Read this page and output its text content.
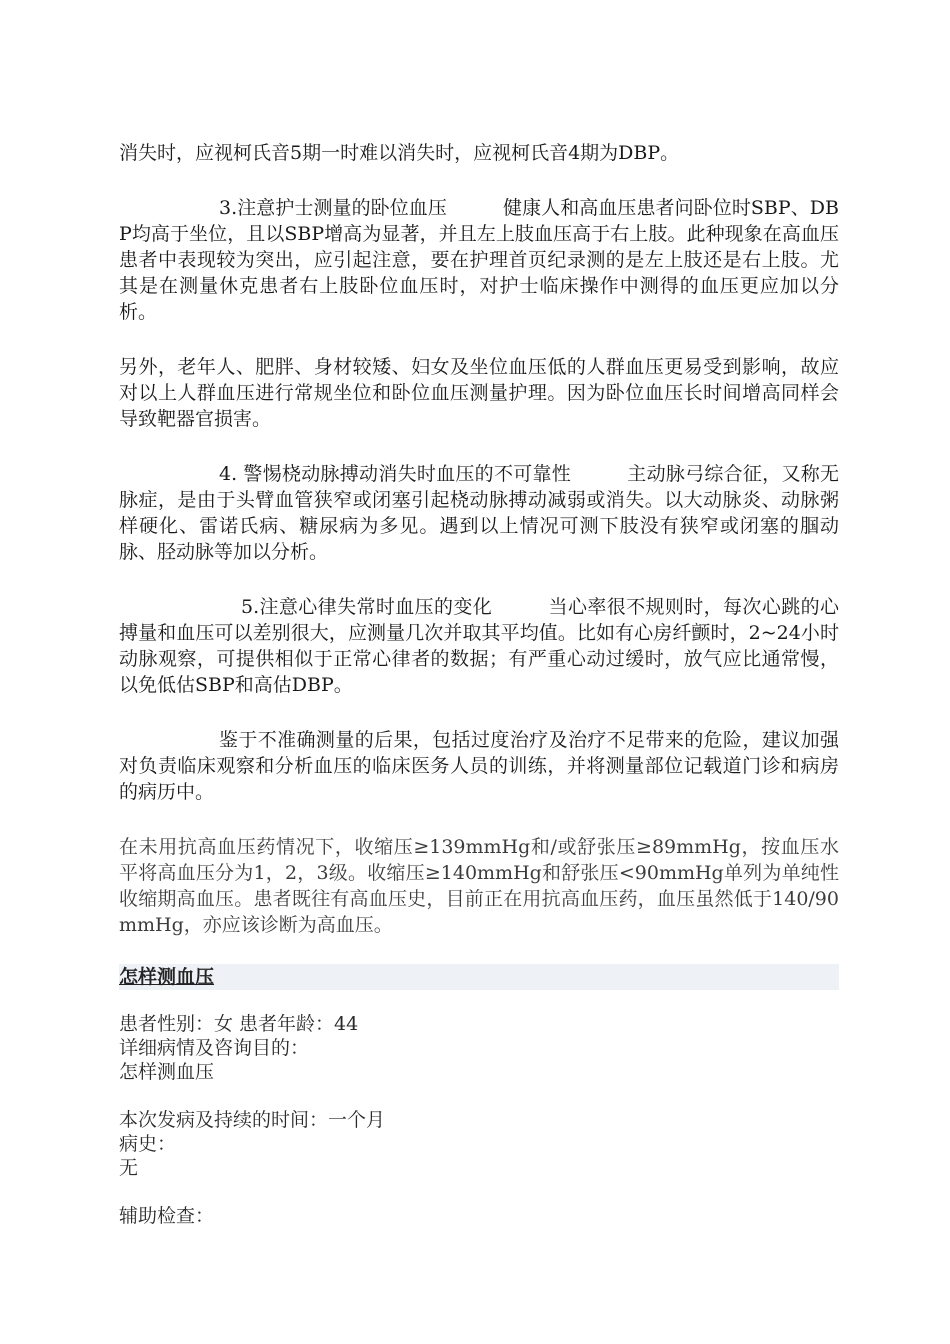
消失时，应视柯氏音5期一时难以消失时，应视柯氏音4期为DBP。

3.注意护士测量的卧位血压	健康人和高血压患者问卧位时SBP、DBP均高于坐位，且以SBP增高为显著，并且左上肢血压高于右上肢。此种现象在高血压患者中表现较为突出，应引起注意，要在护理首页纪录测的是左上肢还是右上肢。尤其是在测量休克患者右上肢卧位血压时，对护士临床操作中测得的血压更应加以分析。

另外，老年人、肥胖、身材较矮、妇女及坐位血压低的人群血压更易受到影响，故应对以上人群血压进行常规坐位和卧位血压测量护理。因为卧位血压长时间增高同样会导致靶器官损害。

4. 警惕桡动脉搏动消失时血压的不可靠性	主动脉弓综合征，又称无脉症，是由于头臂血管狭窄或闭塞引起桡动脉搏动减弱或消失。以大动脉炎、动脉粥样硬化、雷诺氏病、糖尿病为多见。遇到以上情况可测下肢没有狭窄或闭塞的腘动脉、胫动脉等加以分析。

5.注意心律失常时血压的变化	当心率很不规则时，每次心跳的心搏量和血压可以差别很大，应测量几次并取其平均值。比如有心房纤颤时，2~24小时动脉观察，可提供相似于正常心律者的数据；有严重心动过缓时，放气应比通常慢，以免低估SBP和高估DBP。

鉴于不准确测量的后果，包括过度治疗及治疗不足带来的危险，建议加强对负责临床观察和分析血压的临床医务人员的训练，并将测量部位记载道门诊和病房的病历中。

在未用抗高血压药情况下，收缩压≥139mmHg和/或舒张压≥89mmHg，按血压水平将高血压分为1，2，3级。收缩压≥140mmHg和舒张压<90mmHg单列为单纯性收缩期高血压。患者既往有高血压史，目前正在用抗高血压药，血压虽然低于140/90mmHg，亦应该诊断为高血压。

怎样测血压

患者性别：女 患者年龄：44

详细病情及咨询目的：

怎样测血压

本次发病及持续的时间：一个月

病史：

无

辅助检查：
